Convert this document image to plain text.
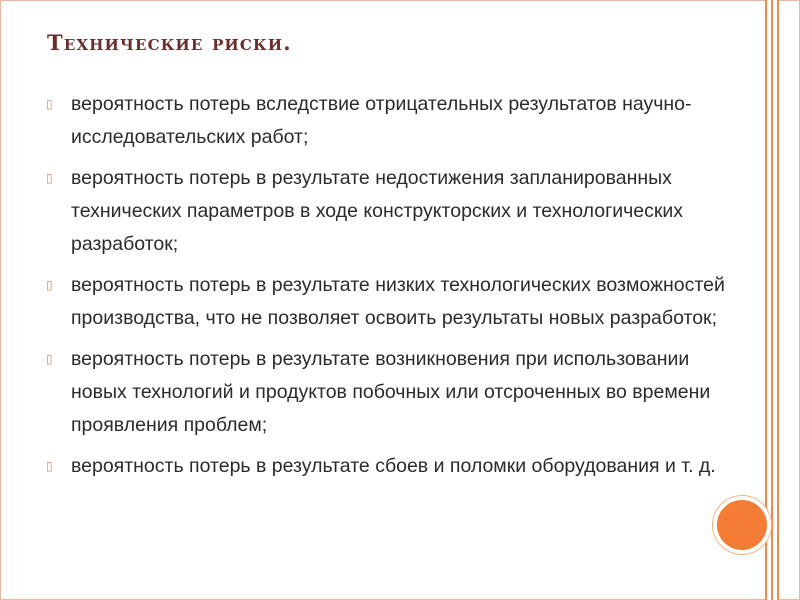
Технические риски.
▯ вероятность потерь вследствие отрицательных результатов научно-исследовательских работ;
▯ вероятность потерь в результате недостижения запланированных технических параметров в ходе конструкторских и технологических разработок;
▯ вероятность потерь в результате низких технологических возможностей производства, что не позволяет освоить результаты новых разработок;
▯ вероятность потерь в результате возникновения при использовании новых технологий и продуктов побочных или отсроченных во времени проявления проблем;
▯ вероятность потерь в результате сбоев и поломки оборудования и т. д.
